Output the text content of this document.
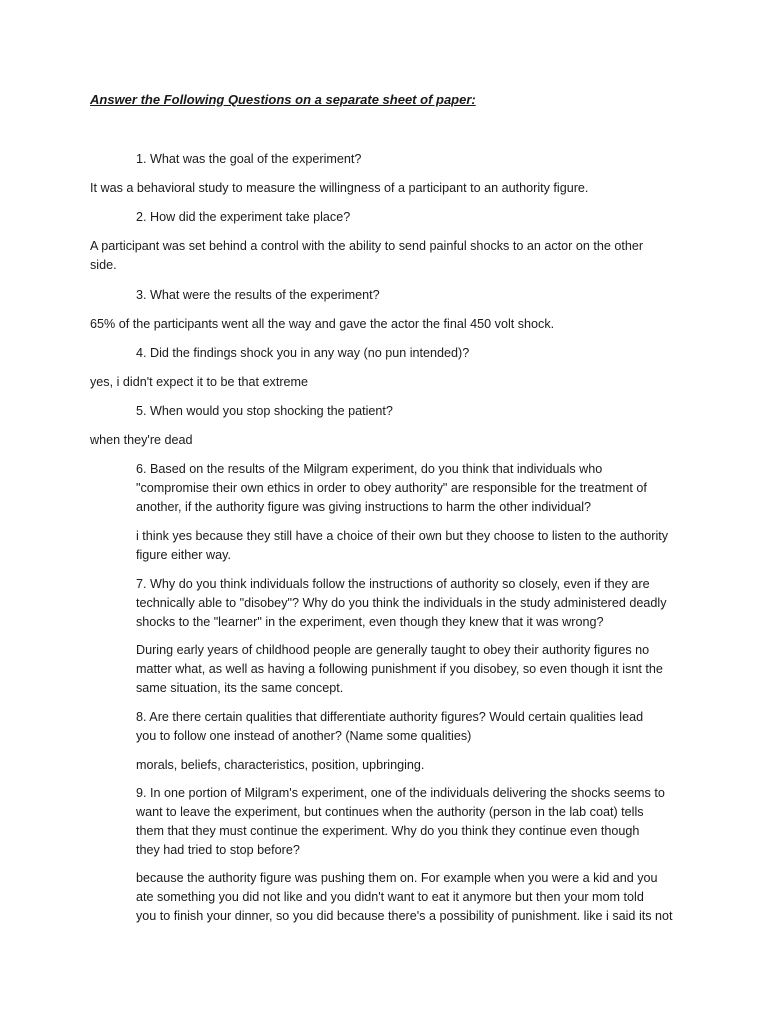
Answer the Following Questions on a separate sheet of paper:
1. What was the goal of the experiment?
It was a behavioral study to measure the willingness of a participant to an authority figure.
2. How did the experiment take place?
A participant was set behind a control with the ability to send painful shocks to an actor on the other
side.
3. What were the results of the experiment?
65% of the participants went all the way and gave the actor the final 450 volt shock.
4. Did the findings shock you in any way (no pun intended)?
yes, i didn't expect it to be that extreme
5. When would you stop shocking the patient?
when they're dead
6. Based on the results of the Milgram experiment, do you think that individuals who
"compromise their own ethics in order to obey authority" are responsible for the treatment of
another, if the authority figure was giving instructions to harm the other individual?
i think yes because they still have a choice of their own but they choose to listen to the authority
figure either way.
7. Why do you think individuals follow the instructions of authority so closely, even if they are
technically able to "disobey"? Why do you think the individuals in the study administered deadly
shocks to the "learner" in the experiment, even though they knew that it was wrong?
During early years of childhood people are generally taught to obey their authority figures no
matter what, as well as having a following punishment if you disobey, so even though it isnt the
same situation, its the same concept.
8. Are there certain qualities that differentiate authority figures? Would certain qualities lead
you to follow one instead of another? (Name some qualities)
morals, beliefs, characteristics, position, upbringing.
9. In one portion of Milgram's experiment, one of the individuals delivering the shocks seems to
want to leave the experiment, but continues when the authority (person in the lab coat) tells
them that they must continue the experiment. Why do you think they continue even though
they had tried to stop before?
because the authority figure was pushing them on. For example when you were a kid and you
ate something you did not like and you didn't want to eat it anymore but then your mom told
you to finish your dinner, so you did because there's a possibility of punishment. like i said its not
